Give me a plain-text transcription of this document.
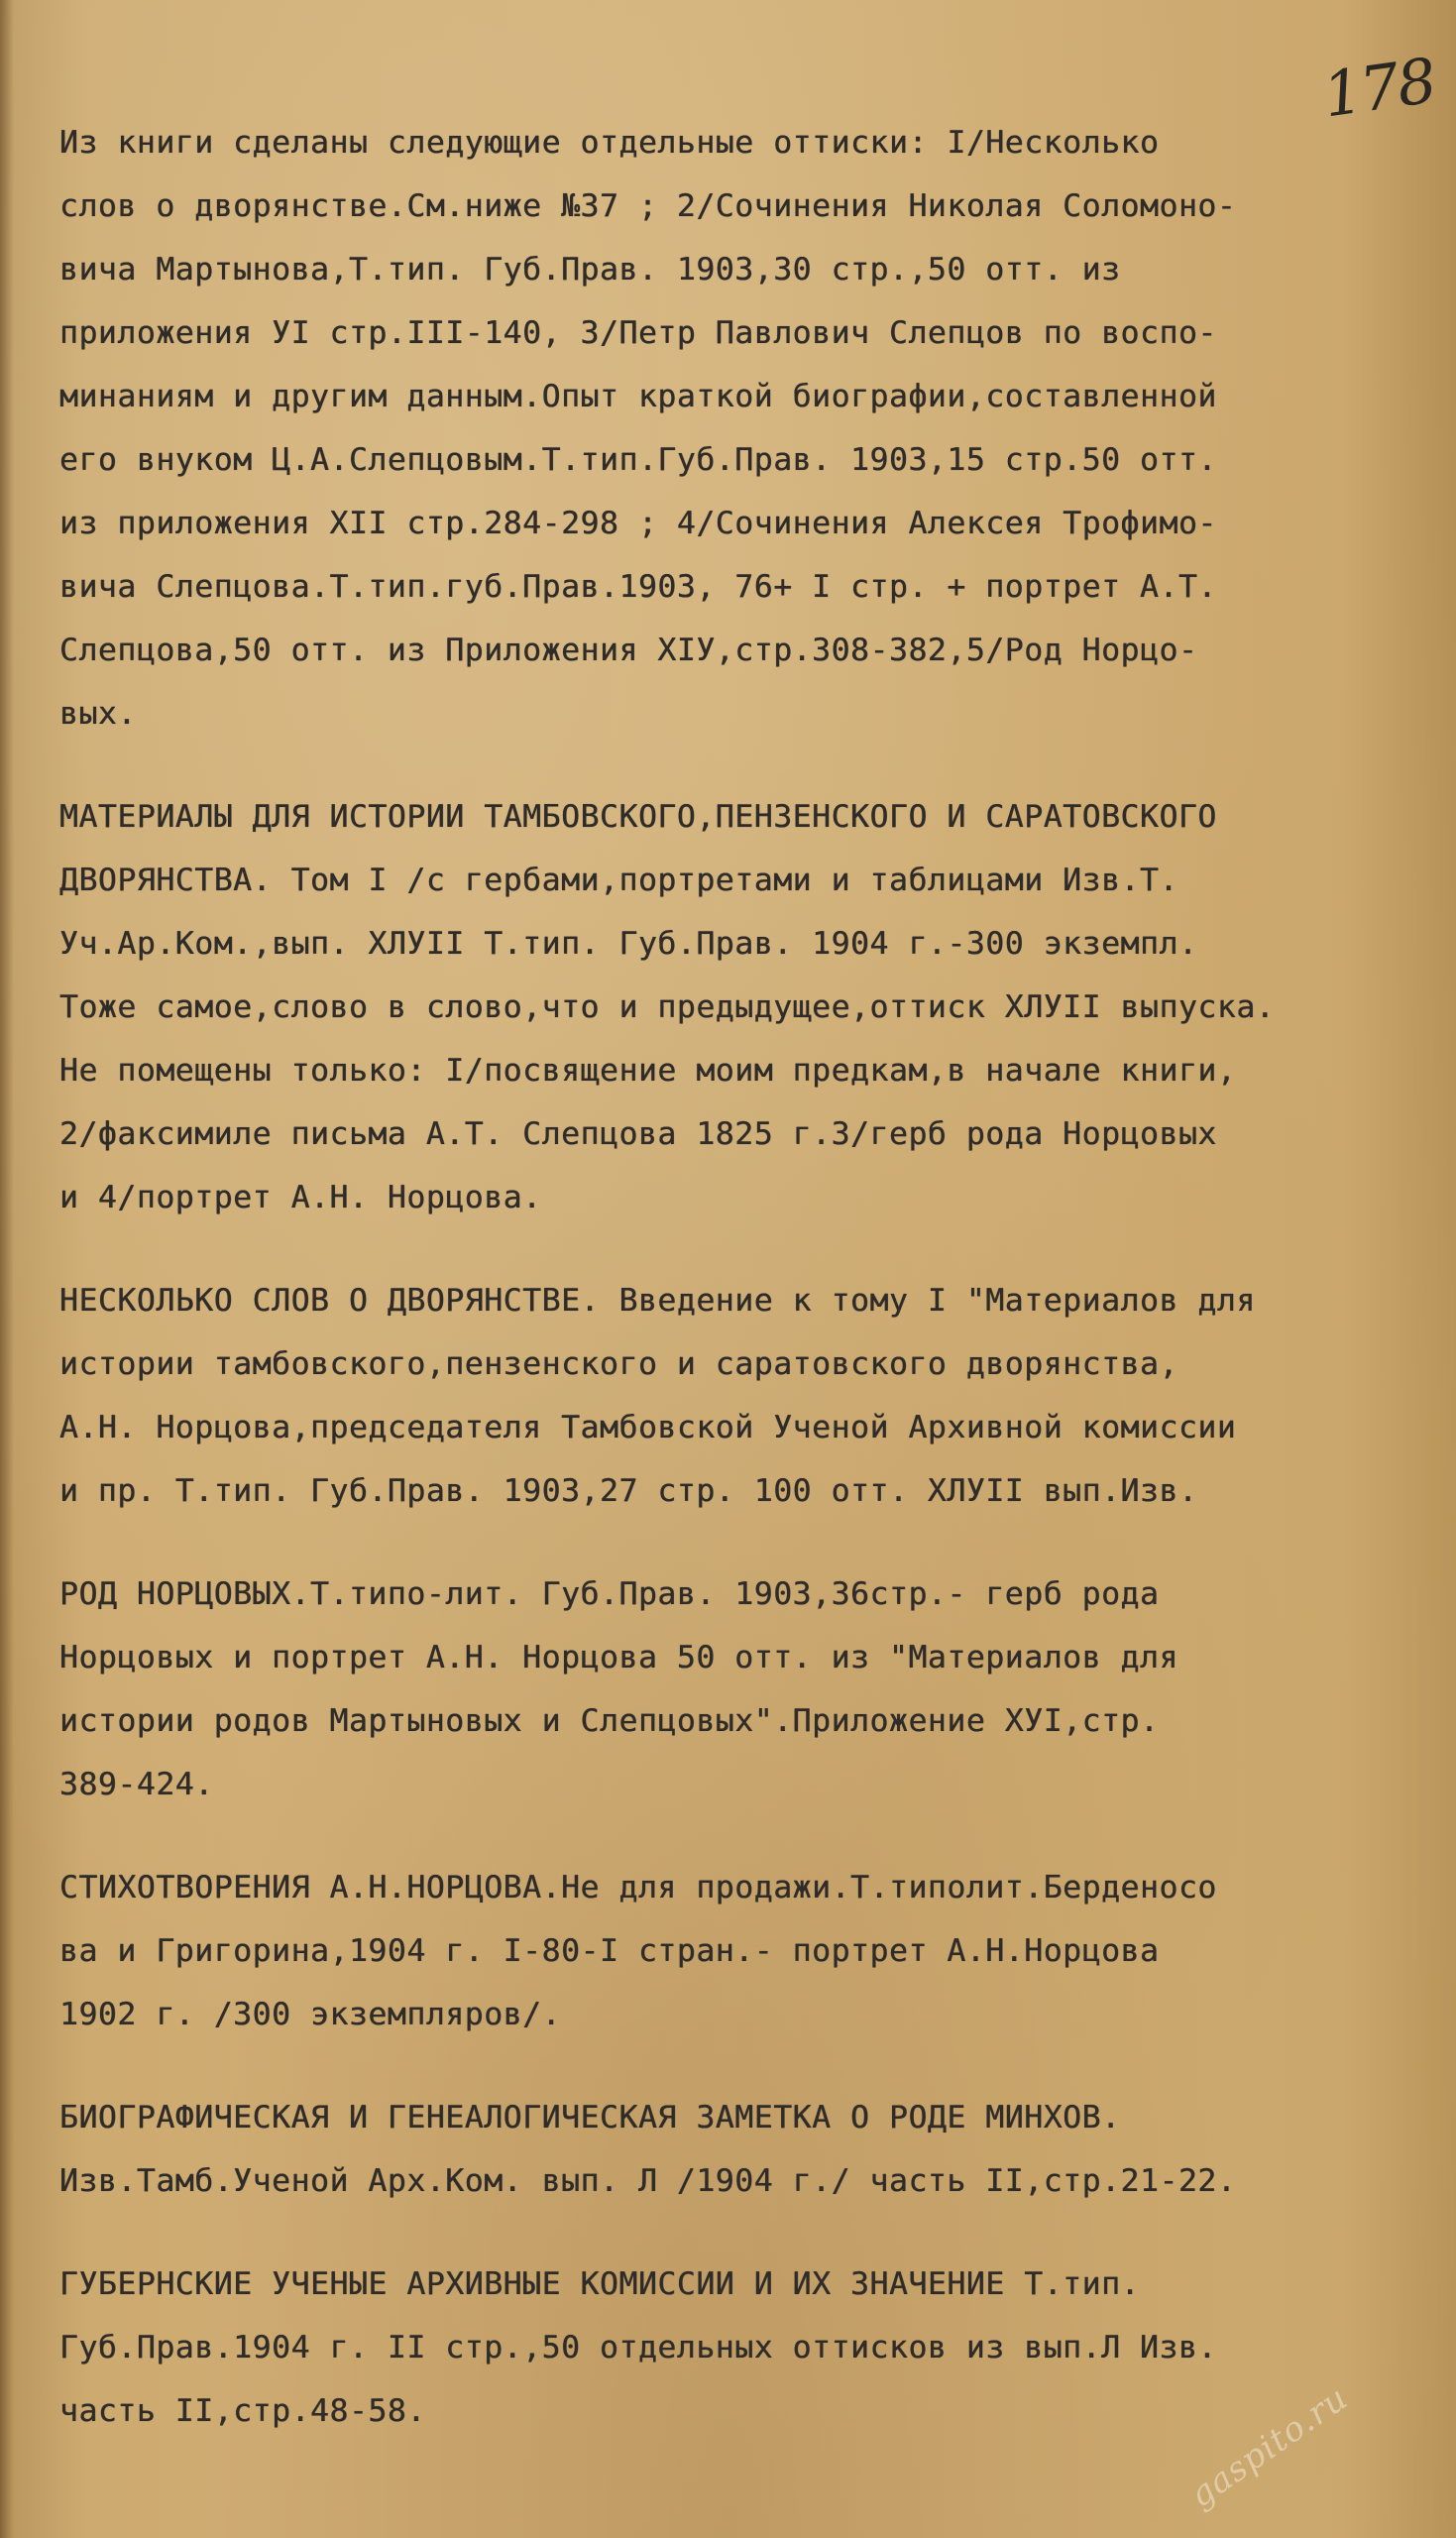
178
Из книги сделаны следующие отдельные оттиски: I/Несколько
слов о дворянстве.См.ниже №37 ; 2/Сочинения Николая Соломоно-
вича Мартынова,Т.тип. Губ.Прав. 1903,30 стр.,50 отт. из
приложения УI стр.III-140, 3/Петр Павлович Слепцов по воспо-
минаниям и другим данным.Опыт краткой биографии,составленной
его внуком Ц.А.Слепцовым.Т.тип.Губ.Прав. 1903,15 стр.50 отт.
из приложения XII стр.284-298 ; 4/Сочинения Алексея Трофимо-
вича Слепцова.Т.тип.губ.Прав.1903, 76+ I стр. + портрет А.Т.
Слепцова,50 отт. из Приложения XIУ,стр.308-382,5/Род Норцо-
вых.
МАТЕРИАЛЫ ДЛЯ ИСТОРИИ ТАМБОВСКОГО,ПЕНЗЕНСКОГО И САРАТОВСКОГО
ДВОРЯНСТВА. Том I /с гербами,портретами и таблицами Изв.Т.
Уч.Ар.Ком.,вып. ХЛУII Т.тип. Губ.Прав. 1904 г.-300 экземпл.
Тоже самое,слово в слово,что и предыдущее,оттиск ХЛУII выпуска.
Не помещены только: I/посвящение моим предкам,в начале книги,
2/факсимиле письма А.Т. Слепцова 1825 г.3/герб рода Норцовых
и 4/портрет А.Н. Норцова.
НЕСКОЛЬКО СЛОВ О ДВОРЯНСТВЕ. Введение к тому I "Материалов для
истории тамбовского,пензенского и саратовского дворянства,
А.Н. Норцова,председателя Тамбовской Ученой Архивной комиссии
и пр. Т.тип. Губ.Прав. 1903,27 стр. 100 отт. ХЛУII вып.Изв.
РОД НОРЦОВЫХ.Т.типо-лит. Губ.Прав. 1903,36стр.- герб рода
Норцовых и портрет А.Н. Норцова 50 отт. из "Материалов для
истории родов Мартыновых и Слепцовых".Приложение ХУI,стр.
389-424.
СТИХОТВОРЕНИЯ А.Н.НОРЦОВА.Не для продажи.Т.типолит.Берденосо
ва и Григорина,1904 г. I-80-I стран.- портрет А.Н.Норцова
1902 г. /300 экземпляров/.
БИОГРАФИЧЕСКАЯ И ГЕНЕАЛОГИЧЕСКАЯ ЗАМЕТКА О РОДЕ МИНХОВ.
Изв.Тамб.Ученой Арх.Ком. вып. Л /1904 г./ часть II,стр.21-22.
ГУБЕРНСКИЕ УЧЕНЫЕ АРХИВНЫЕ КОМИССИИ И ИХ ЗНАЧЕНИЕ Т.тип.
Губ.Прав.1904 г. II стр.,50 отдельных оттисков из вып.Л Изв.
часть II,стр.48-58.	gaspito.ru
